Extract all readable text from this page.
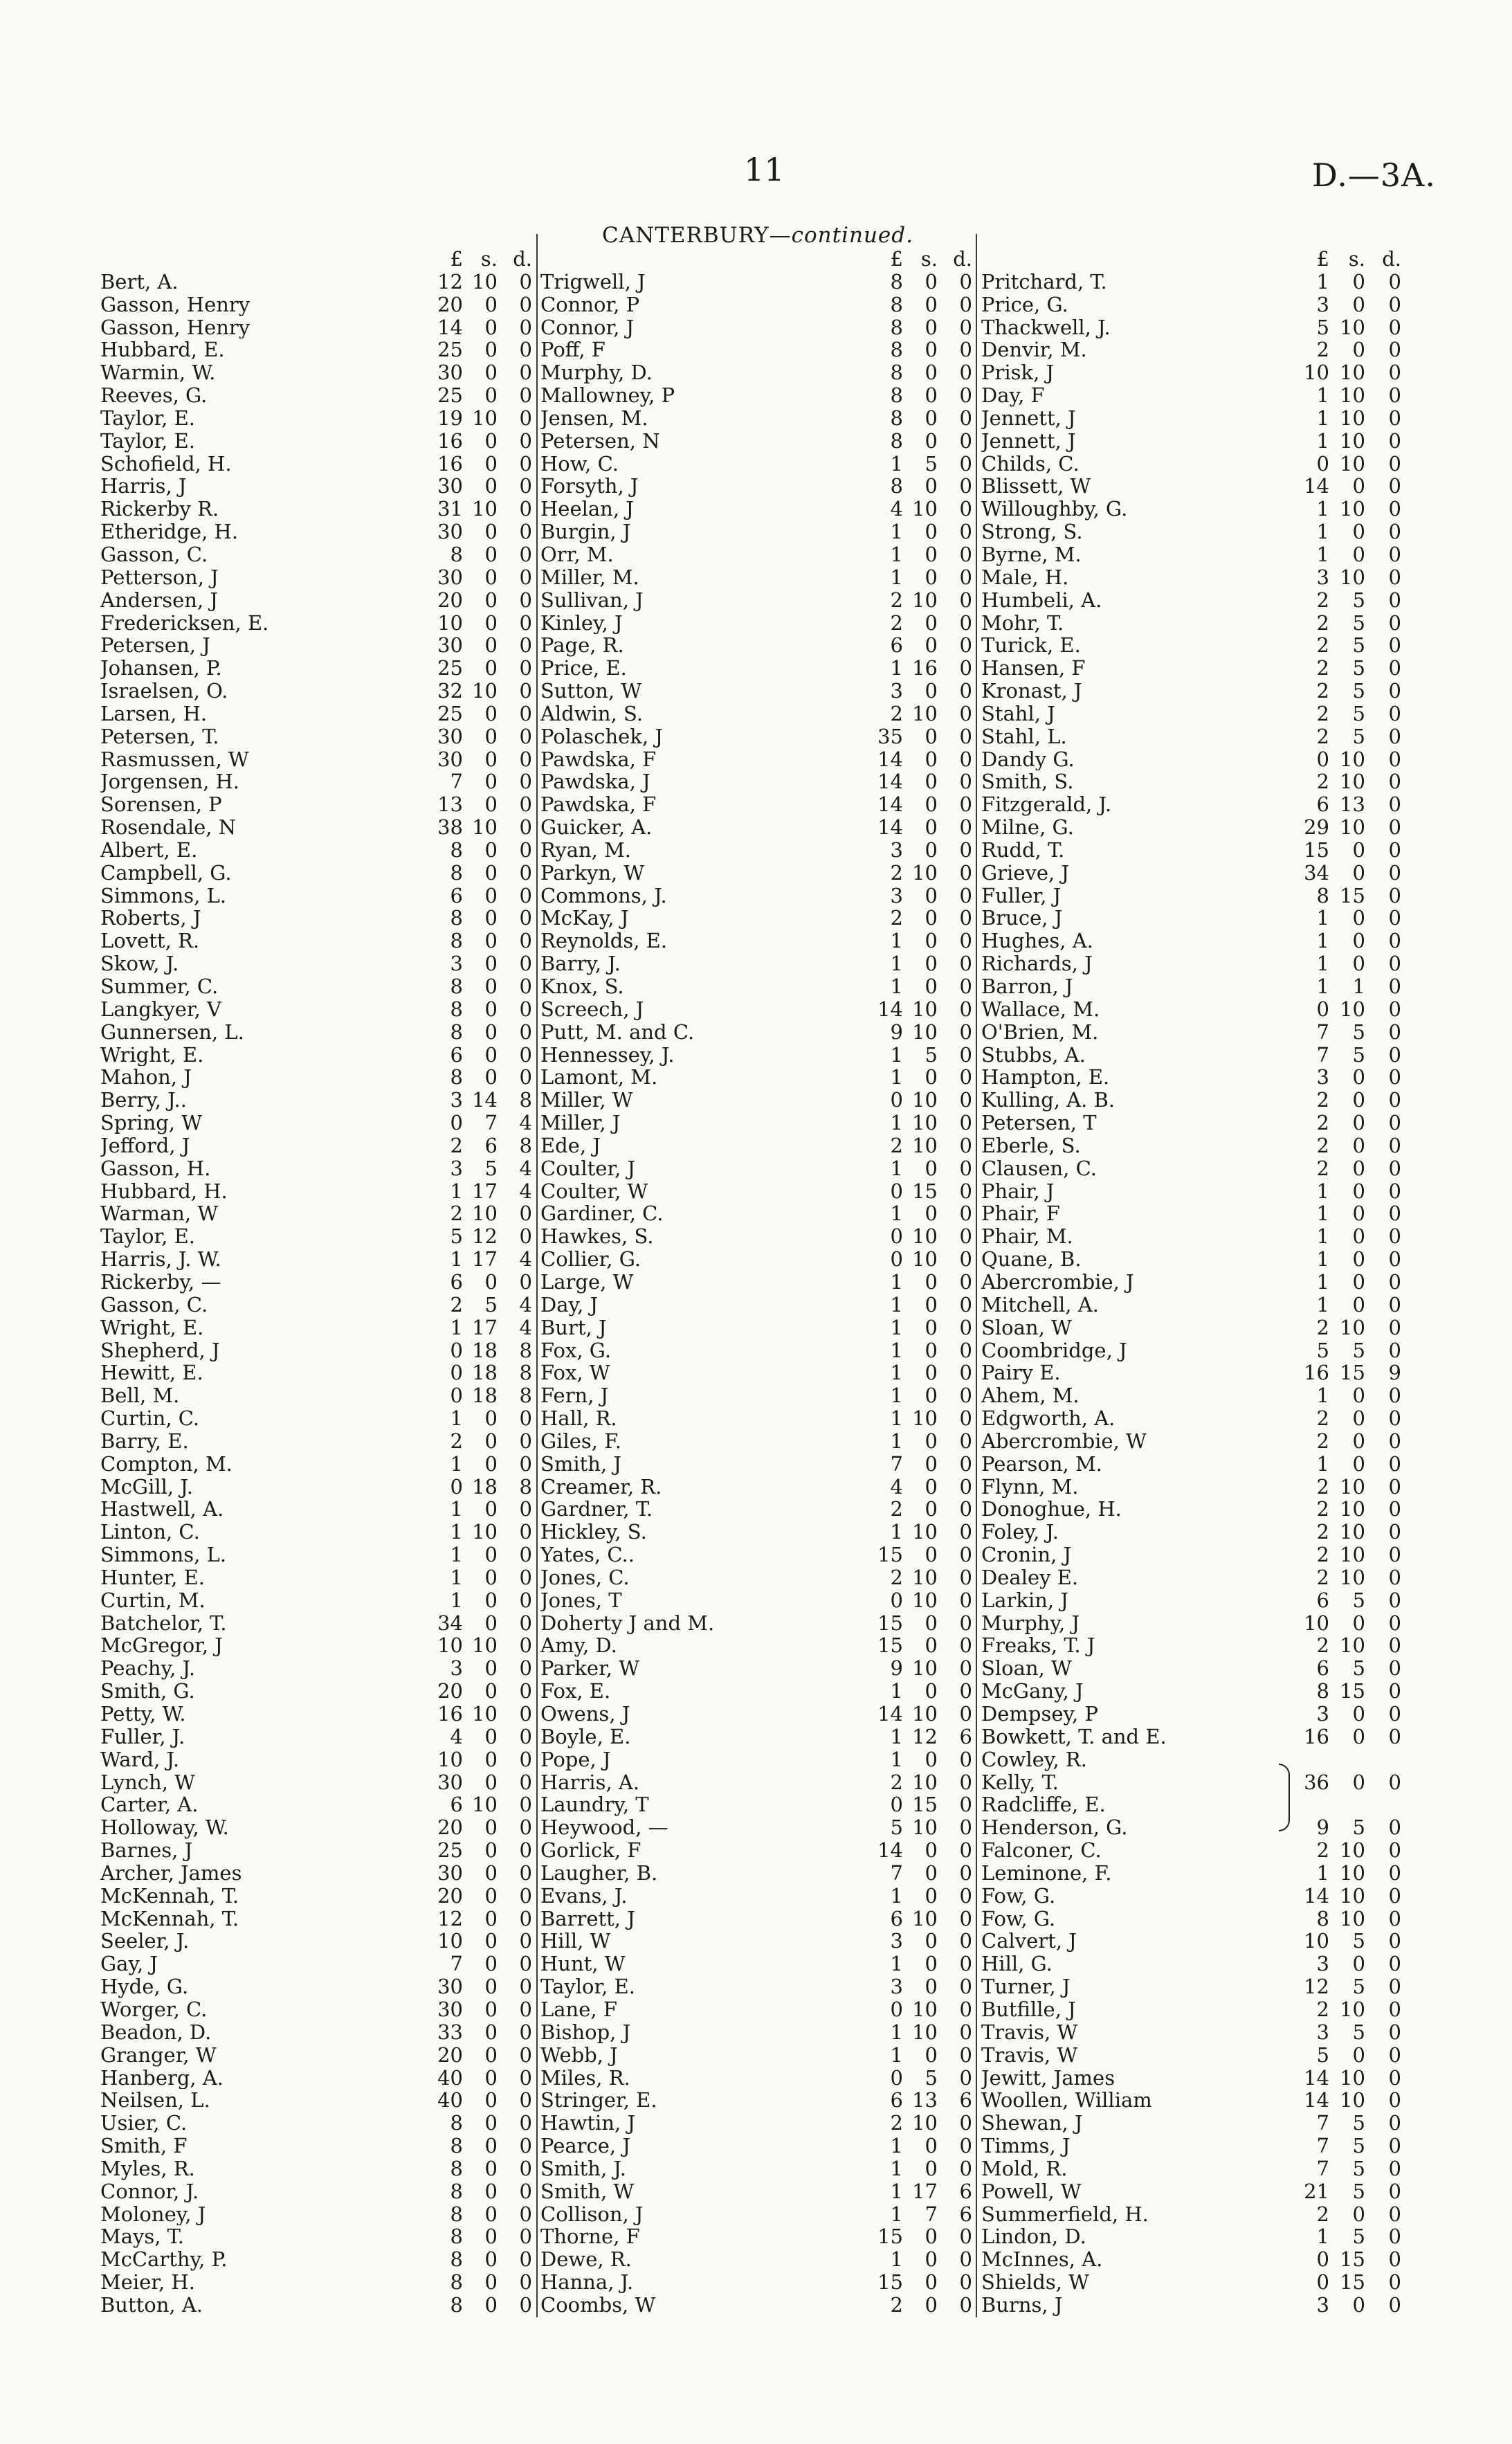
11	D.—3A.
CANTERBURY—continued.
£ s. d.
Bert, A.	12 10	0
Gasson, Henry	20	0	0
Gasson, Henry	14	0	0
Hubbard, E.	25	0	0
Warmin, W.	30	0	0
Reeves, G.	25	0	0
Taylor, E.	19 10	0
Taylor, E.	16	0	0
Schofield, H.	16	0	0
Harris, J	30	0	0
Rickerby R.	31 10	0
Etheridge, H.	30	0	0
Gasson, C.	8	0	0
Petterson, J	30	0	0
Andersen, J	20	0	0
Fredericksen, E.	10	0	0
Petersen, J	30	0	0
Johansen, P.	25	0	0
Israelsen, O.	32 10	0
Larsen, H.	25	0	0
Petersen, T.	30	0	0
Rasmussen, W	30	0	0
Jorgensen, H.	7	0	0
Sorensen, P	13	0	0
Rosendale, N	38 10	0
Albert, E.	8	0	0
Campbell, G.	8	0	0
Simmons, L.	6	0	0
Roberts, J	8	0	0
Lovett, R.	8	0	0
Skow, J.	3	0	0
Summer, C.	8	0	0
Langkyer, V	8	0	0
Gunnersen, L.	8	0	0
Wright, E.	6	0	0
Mahon, J	8	0	0
Berry, J..	3 14	8
Spring, W	0	7	4
Jefford, J	2	6	8
Gasson, H.	3	5	4
Hubbard, H.	1 17	4
Warman, W	2 10	0
Taylor, E.	5 12	0
Harris, J. W.	1 17	4
Rickerby, —	6	0	0
Gasson, C.	2	5	4
Wright, E.	1 17	4
Shepherd, J	0 18	8
Hewitt, E.	0 18	8
Bell, M.	0 18	8
Curtin, C.	1	0	0
Barry, E.	2	0	0
Compton, M.	1	0	0
McGill, J.	0 18	8
Hastwell, A.	1	0	0
Linton, C.	1 10	0
Simmons, L.	1	0	0
Hunter, E.	1	0	0
Curtin, M.	1	0	0
Batchelor, T.	34	0	0
McGregor, J	10 10	0
Peachy, J.	3	0	0
Smith, G.	20	0	0
Petty, W.	16 10	0
Fuller, J.	4	0	0
Ward, J.	10	0	0
Lynch, W	30	0	0
Carter, A.	6 10	0
Holloway, W.	20	0	0
Barnes, J	25	0	0
Archer, James	30	0	0
McKennah, T.	20	0	0
McKennah, T.	12	0	0
Seeler, J.	10	0	0
Gay, J	7	0	0
Hyde, G.	30	0	0
Worger, C.	30	0	0
Beadon, D.	33	0	0
Granger, W	20	0	0
Hanberg, A.	40	0	0
Neilsen, L.	40	0	0
Usier, C.	8	0	0
Smith, F	8	0	0
Myles, R.	8	0	0
Connor, J.	8	0	0
Moloney, J	8	0	0
Mays, T.	8	0	0
McCarthy, P.	8	0	0
Meier, H.	8	0	0
Button, A.	8	0	0
£ s. d.
Trigwell, J	8	0	0
Connor, P	8	0	0
Connor, J	8	0	0
Poff, F	8	0	0
Murphy, D.	8	0	0
Mallowney, P	8	0	0
Jensen, M.	8	0	0
Petersen, N	8	0	0
How, C.	1	5	0
Forsyth, J	8	0	0
Heelan, J	4 10	0
Burgin, J	1	0	0
Orr, M.	1	0	0
Miller, M.	1	0	0
Sullivan, J	2 10	0
Kinley, J	2	0	0
Page, R.	6	0	0
Price, E.	1 16	0
Sutton, W	3	0	0
Aldwin, S.	2 10	0
Polaschek, J	35	0	0
Pawdska, F	14	0	0
Pawdska, J	14	0	0
Pawdska, F	14	0	0
Guicker, A.	14	0	0
Ryan, M.	3	0	0
Parkyn, W	2 10	0
Commons, J.	3	0	0
McKay, J	2	0	0
Reynolds, E.	1	0	0
Barry, J.	1	0	0
Knox, S.	1	0	0
Screech, J	14 10	0
Putt, M. and C.	9 10	0
Hennessey, J.	1	5	0
Lamont, M.	1	0	0
Miller, W	0 10	0
Miller, J	1 10	0
Ede, J	2 10	0
Coulter, J	1	0	0
Coulter, W	0 15	0
Gardiner, C.	1	0	0
Hawkes, S.	0 10	0
Collier, G.	0 10	0
Large, W	1	0	0
Day, J	1	0	0
Burt, J	1	0	0
Fox, G.	1	0	0
Fox, W	1	0	0
Fern, J	1	0	0
Hall, R.	1 10	0
Giles, F.	1	0	0
Smith, J	7	0	0
Creamer, R.	4	0	0
Gardner, T.	2	0	0
Hickley, S.	1 10	0
Yates, C..	15	0	0
Jones, C.	2 10	0
Jones, T	0 10	0
Doherty J and M.	15	0	0
Amy, D.	15	0	0
Parker, W	9 10	0
Fox, E.	1	0	0
Owens, J	14 10	0
Boyle, E.	1 12	6
Pope, J	1	0	0
Harris, A.	2 10	0
Laundry, T	0 15	0
Heywood, —	5 10	0
Gorlick, F	14	0	0
Laugher, B.	7	0	0
Evans, J.	1	0	0
Barrett, J	6 10	0
Hill, W	3	0	0
Hunt, W	1	0	0
Taylor, E.	3	0	0
Lane, F	0 10	0
Bishop, J	1 10	0
Webb, J	1	0	0
Miles, R.	0	5	0
Stringer, E.	6 13	6
Hawtin, J	2 10	0
Pearce, J	1	0	0
Smith, J.	1	0	0
Smith, W	1 17	6
Collison, J	1	7	6
Thorne, F	15	0	0
Dewe, R.	1	0	0
Hanna, J.	15	0	0
Coombs, W	2	0	0
£ s. d.
Pritchard, T.	1	0	0
Price, G.	3	0	0
Thackwell, J.	5 10	0
Denvir, M.	2	0	0
Prisk, J	10 10	0
Day, F	1 10	0
Jennett, J	1 10	0
Jennett, J	1 10	0
Childs, C.	0 10	0
Blissett, W	14	0	0
Willoughby, G.	1 10	0
Strong, S.	1	0	0
Byrne, M.	1	0	0
Male, H.	3 10	0
Humbeli, A.	2	5	0
Mohr, T.	2	5	0
Turick, E.	2	5	0
Hansen, F	2	5	0
Kronast, J	2	5	0
Stahl, J	2	5	0
Stahl, L.	2	5	0
Dandy G.	0 10	0
Smith, S.	2 10	0
Fitzgerald, J.	6 13	0
Milne, G.	29 10	0
Rudd, T.	15	0	0
Grieve, J	34	0	0
Fuller, J	8 15	0
Bruce, J	1	0	0
Hughes, A.	1	0	0
Richards, J	1	0	0
Barron, J	1	1	0
Wallace, M.	0 10	0
O'Brien, M.	7	5	0
Stubbs, A.	7	5	0
Hampton, E.	3	0	0
Kulling, A. B.	2	0	0
Petersen, T	2	0	0
Eberle, S.	2	0	0
Clausen, C.	2	0	0
Phair, J	1	0	0
Phair, F	1	0	0
Phair, M.	1	0	0
Quane, B.	1	0	0
Abercrombie, J	1	0	0
Mitchell, A.	1	0	0
Sloan, W	2 10	0
Coombridge, J	5	5	0
Pairy E.	16 15	9
Ahem, M.	1	0	0
Edgworth, A.	2	0	0
Abercrombie, W	2	0	0
Pearson, M.	1	0	0
Flynn, M.	2 10	0
Donoghue, H.	2 10	0
Foley, J.	2 10	0
Cronin, J	2 10	0
Dealey E.	2 10	0
Larkin, J	6	5	0
Murphy, J	10	0	0
Freaks, T. J	2 10	0
Sloan, W	6	5	0
McGany, J	8 15	0
Dempsey, P	3	0	0
Bowkett, T. and E.	16	0	0
Cowley, R.
Kelly, T.	36	0	0
Radcliffe, E.
Henderson, G.	9	5	0
Falconer, C.	2 10	0
Leminone, F.	1 10	0
Fow, G.	14 10	0
Fow, G.	8 10	0
Calvert, J	10	5	0
Hill, G.	3	0	0
Turner, J	12	5	0
Butfille, J	2 10	0
Travis, W	3	5	0
Travis, W	5	0	0
Jewitt, James	14 10	0
Woollen, William	14 10	0
Shewan, J	7	5	0
Timms, J	7	5	0
Mold, R.	7	5	0
Powell, W	21	5	0
Summerfield, H.	2	0	0
Lindon, D.	1	5	0
McInnes, A.	0 15	0
Shields, W	0 15	0
Burns, J	3	0	0
